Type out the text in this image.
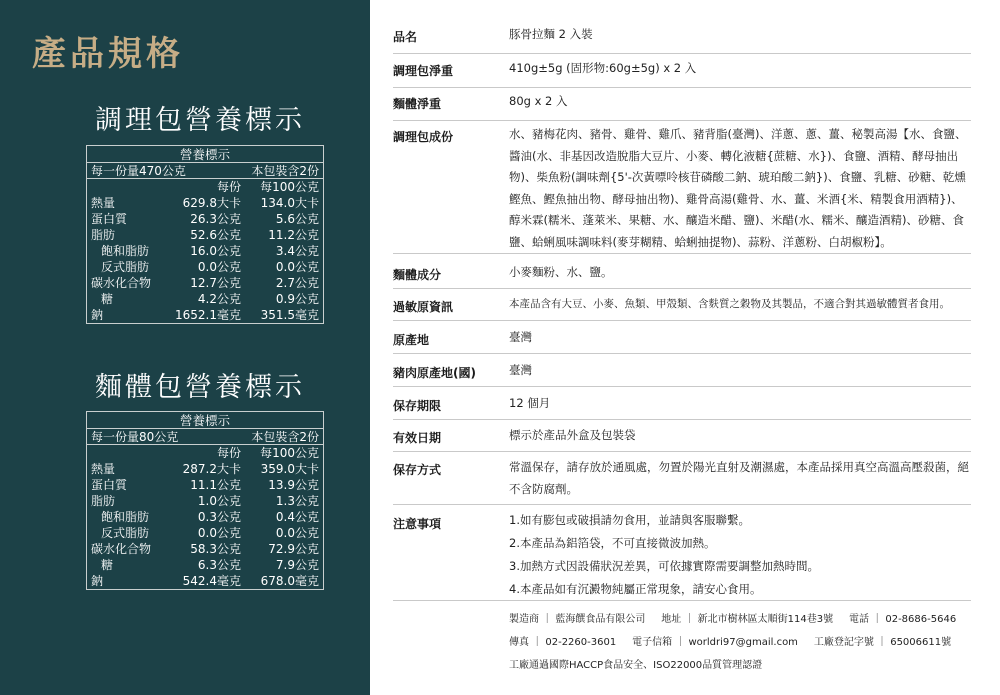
產品規格
調理包營養標示
營養標示
每一份量470公克	本包裝含2份
每份	每100公克
熱量	629.8大卡	134.0大卡
蛋白質	26.3公克	5.6公克
脂肪	52.6公克	11.2公克
飽和脂肪	16.0公克	3.4公克
反式脂肪	0.0公克	0.0公克
碳水化合物	12.7公克	2.7公克
糖	4.2公克	0.9公克
鈉	1652.1毫克	351.5毫克
麵體包營養標示
營養標示
每一份量80公克	本包裝含2份
每份	每100公克
熱量	287.2大卡	359.0大卡
蛋白質	11.1公克	13.9公克
脂肪	1.0公克	1.3公克
飽和脂肪	0.3公克	0.4公克
反式脂肪	0.0公克	0.0公克
碳水化合物	58.3公克	72.9公克
糖	6.3公克	7.9公克
鈉	542.4毫克	678.0毫克
品名	豚骨拉麵 2 入裝
調理包淨重	410g±5g (固形物:60g±5g) x 2 入
麵體淨重	80g x 2 入
調理包成份	水、豬梅花肉、豬骨、雞骨、雞爪、豬背脂(臺灣)、洋蔥、蔥、薑、秘製高湯【水、食鹽、醬油(水、非基因改造脫脂大豆片、小麥、轉化液糖{蔗糖、水})、食鹽、酒精、酵母抽出物)、柴魚粉(調味劑{5'-次黃嘌呤核苷磷酸二鈉、琥珀酸二鈉})、食鹽、乳糖、砂糖、乾燻鰹魚、鰹魚抽出物、酵母抽出物)、雞骨高湯(雞骨、水、薑、米酒{米、精製食用酒精})、醇米霖(糯米、蓬萊米、果糖、水、釀造米醋、鹽)、米醋(水、糯米、釀造酒精)、砂糖、食鹽、蛤蜊風味調味料(麥芽糊精、蛤蜊抽提物)、蒜粉、洋蔥粉、白胡椒粉】。
麵體成分	小麥麵粉、水、鹽。
過敏原資訊	本產品含有大豆、小麥、魚類、甲殼類、含麩質之穀物及其製品，不適合對其過敏體質者食用。
原產地	臺灣
豬肉原產地(國)	臺灣
保存期限	12 個月
有效日期	標示於產品外盒及包裝袋
保存方式	常溫保存，請存放於通風處，勿置於陽光直射及潮濕處，本產品採用真空高溫高壓殺菌，絕不含防腐劑。
注意事項	1.如有膨包或破損請勿食用，並請與客服聯繫。
2.本產品為鋁箔袋，不可直接微波加熱。
3.加熱方式因設備狀況差異，可依據實際需要調整加熱時間。
4.本產品如有沉澱物純屬正常現象，請安心食用。
製造商 ｜ 藍海饌食品有限公司 地址 ｜ 新北市樹林區太順街114巷3號 電話 ｜ 02-8686-5646
傳真 ｜ 02-2260-3601 電子信箱 ｜ worldri97@gmail.com 工廠登記字號 ｜ 65006611號
工廠通過國際HACCP食品安全、ISO22000品質管理認證
